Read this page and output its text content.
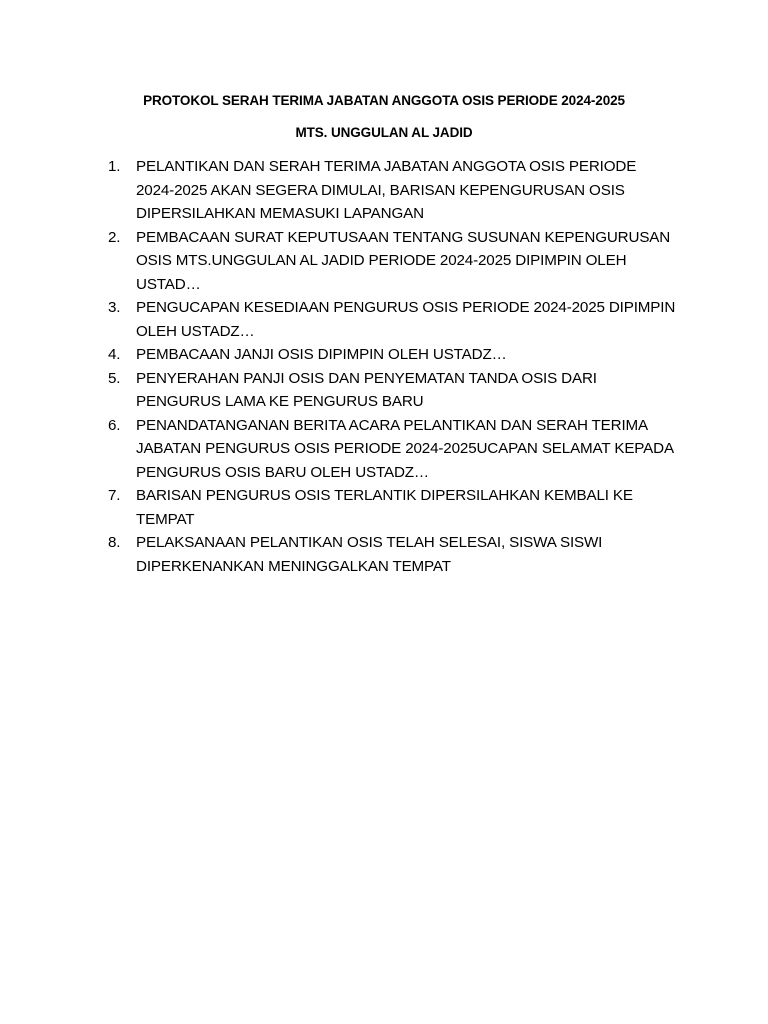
PROTOKOL SERAH TERIMA JABATAN ANGGOTA OSIS PERIODE 2024-2025
MTS. UNGGULAN AL JADID
1.	PELANTIKAN DAN SERAH TERIMA JABATAN ANGGOTA OSIS PERIODE 2024-2025 AKAN SEGERA DIMULAI, BARISAN KEPENGURUSAN OSIS DIPERSILAHKAN MEMASUKI LAPANGAN
2.	PEMBACAAN SURAT KEPUTUSAAN TENTANG SUSUNAN KEPENGURUSAN OSIS MTS.UNGGULAN AL JADID PERIODE 2024-2025 DIPIMPIN OLEH USTAD…
3.	PENGUCAPAN KESEDIAAN PENGURUS OSIS PERIODE 2024-2025 DIPIMPIN OLEH USTADZ…
4.	PEMBACAAN JANJI OSIS DIPIMPIN OLEH USTADZ…
5.	PENYERAHAN PANJI OSIS DAN PENYEMATAN TANDA OSIS DARI PENGURUS LAMA KE PENGURUS BARU
6.	PENANDATANGANAN BERITA ACARA PELANTIKAN DAN SERAH TERIMA JABATAN PENGURUS OSIS PERIODE 2024-2025UCAPAN SELAMAT KEPADA PENGURUS OSIS BARU OLEH USTADZ…
7.	BARISAN PENGURUS OSIS TERLANTIK DIPERSILAHKAN KEMBALI KE TEMPAT
8.	PELAKSANAAN PELANTIKAN OSIS TELAH SELESAI, SISWA SISWI DIPERKENANKAN MENINGGALKAN TEMPAT
